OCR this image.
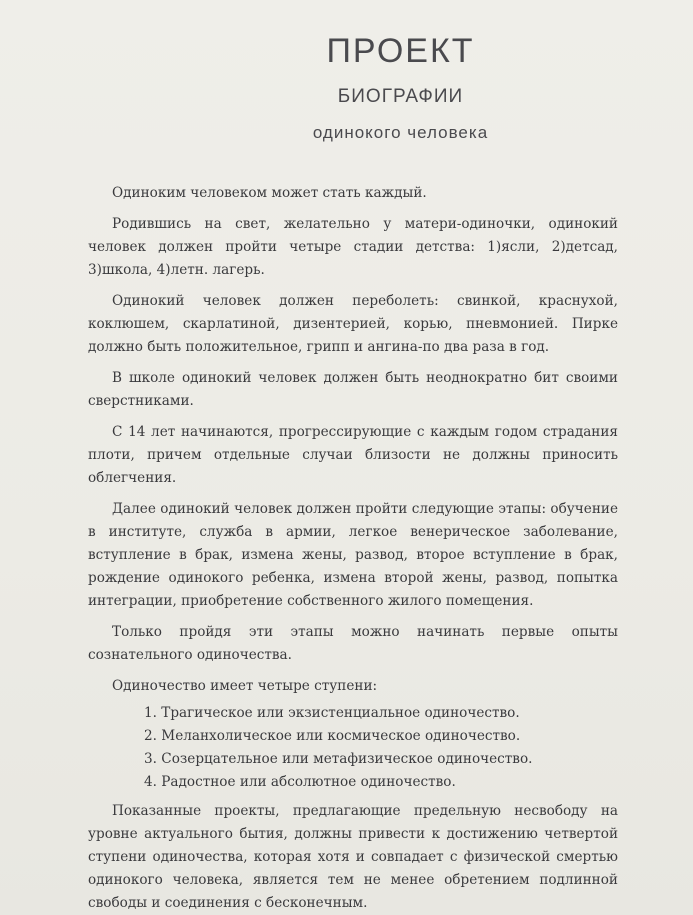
ПРОЕКТ
БИОГРАФИИ
одинокого человека

Одиноким человеком может стать каждый.

Родившись на свет, желательно у матери-одиночки, одинокий человек должен пройти четыре стадии детства: 1)ясли, 2)детсад, 3)школа, 4)летн. лагерь.

Одинокий человек должен переболеть: свинкой, краснухой, коклюшем, скарлатиной, дизентерией, корью, пневмонией. Пирке должно быть положительное, грипп и ангина-по два раза в год.

В школе одинокий человек должен быть неоднократно бит своими сверстниками.

С 14 лет начинаются, прогрессирующие с каждым годом страдания плоти, причем отдельные случаи близости не должны приносить облегчения.

Далее одинокий человек должен пройти следующие этапы: обучение в институте, служба в армии, легкое венерическое заболевание, вступление в брак, измена жены, развод, второе вступление в брак, рождение одинокого ребенка, измена второй жены, развод, попытка интеграции, приобретение собственного жилого помещения.

Только пройдя эти этапы можно начинать первые опыты сознательного одиночества.

Одиночество имеет четыре ступени:

1. Трагическое или экзистенциальное одиночество.
2. Меланхолическое или космическое одиночество.
3. Созерцательное или метафизическое одиночество.
4. Радостное или абсолютное одиночество.

Показанные проекты, предлагающие предельную несвободу на уровне актуального бытия, должны привести к достижению четвертой ступени одиночества, которая хотя и совпадает с физической смертью одинокого человека, является тем не менее обретением подлинной свободы и соединения с бесконечным.
